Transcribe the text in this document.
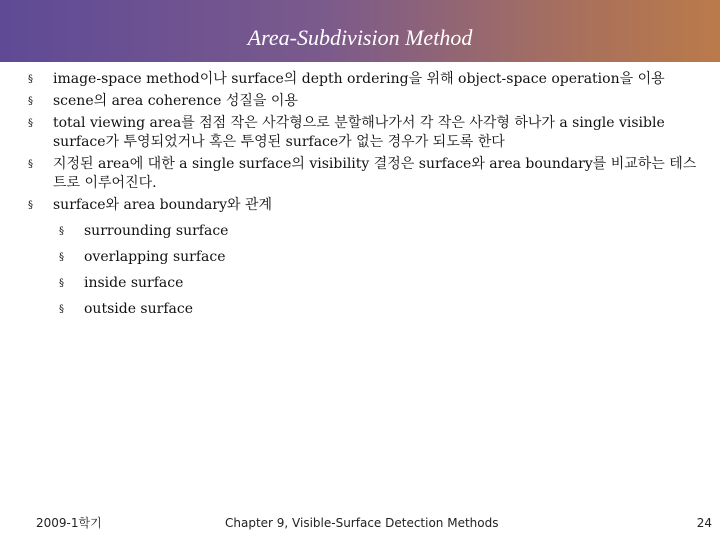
Area-Subdivision Method
§ image-space method이나 surface의 depth ordering을 위해 object-space operation을 이용
§ scene의 area coherence 성질을 이용
§ total viewing area를 점점 작은 사각형으로 분할해나가서 각 작은 사각형 하나가 a single visible surface가 투영되었거나 혹은 투영된 surface가 없는 경우가 되도록 한다
§ 지정된 area에 대한 a single surface의 visibility 결정은 surface와 area boundary를 비교하는 테스트로 이루어진다.
§ surface와 area boundary와 관계
§ surrounding surface
§ overlapping surface
§ inside surface
§ outside surface
2009-1학기	Chapter 9, Visible-Surface Detection Methods	24
